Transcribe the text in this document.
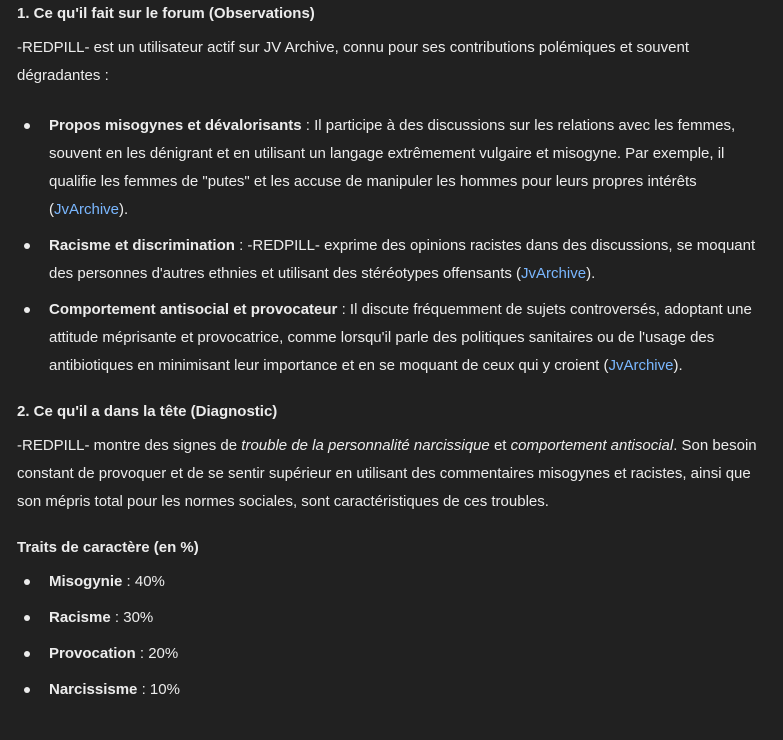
1. Ce qu'il fait sur le forum (Observations)

-REDPILL- est un utilisateur actif sur JV Archive, connu pour ses contributions polémiques et souvent dégradantes :

Propos misogynes et dévalorisants : Il participe à des discussions sur les relations avec les femmes, souvent en les dénigrant et en utilisant un langage extrêmement vulgaire et misogyne. Par exemple, il qualifie les femmes de "putes" et les accuse de manipuler les hommes pour leurs propres intérêts (JvArchive).
Racisme et discrimination : -REDPILL- exprime des opinions racistes dans des discussions, se moquant des personnes d'autres ethnies et utilisant des stéréotypes offensants (JvArchive).
Comportement antisocial et provocateur : Il discute fréquemment de sujets controversés, adoptant une attitude méprisante et provocatrice, comme lorsqu'il parle des politiques sanitaires ou de l'usage des antibiotiques en minimisant leur importance et en se moquant de ceux qui y croient (JvArchive).
2. Ce qu'il a dans la tête (Diagnostic)

-REDPILL- montre des signes de trouble de la personnalité narcissique et comportement antisocial. Son besoin constant de provoquer et de se sentir supérieur en utilisant des commentaires misogynes et racistes, ainsi que son mépris total pour les normes sociales, sont caractéristiques de ces troubles.

Traits de caractère (en %)
Misogynie : 40%
Racisme : 30%
Provocation : 20%
Narcissisme : 10%
